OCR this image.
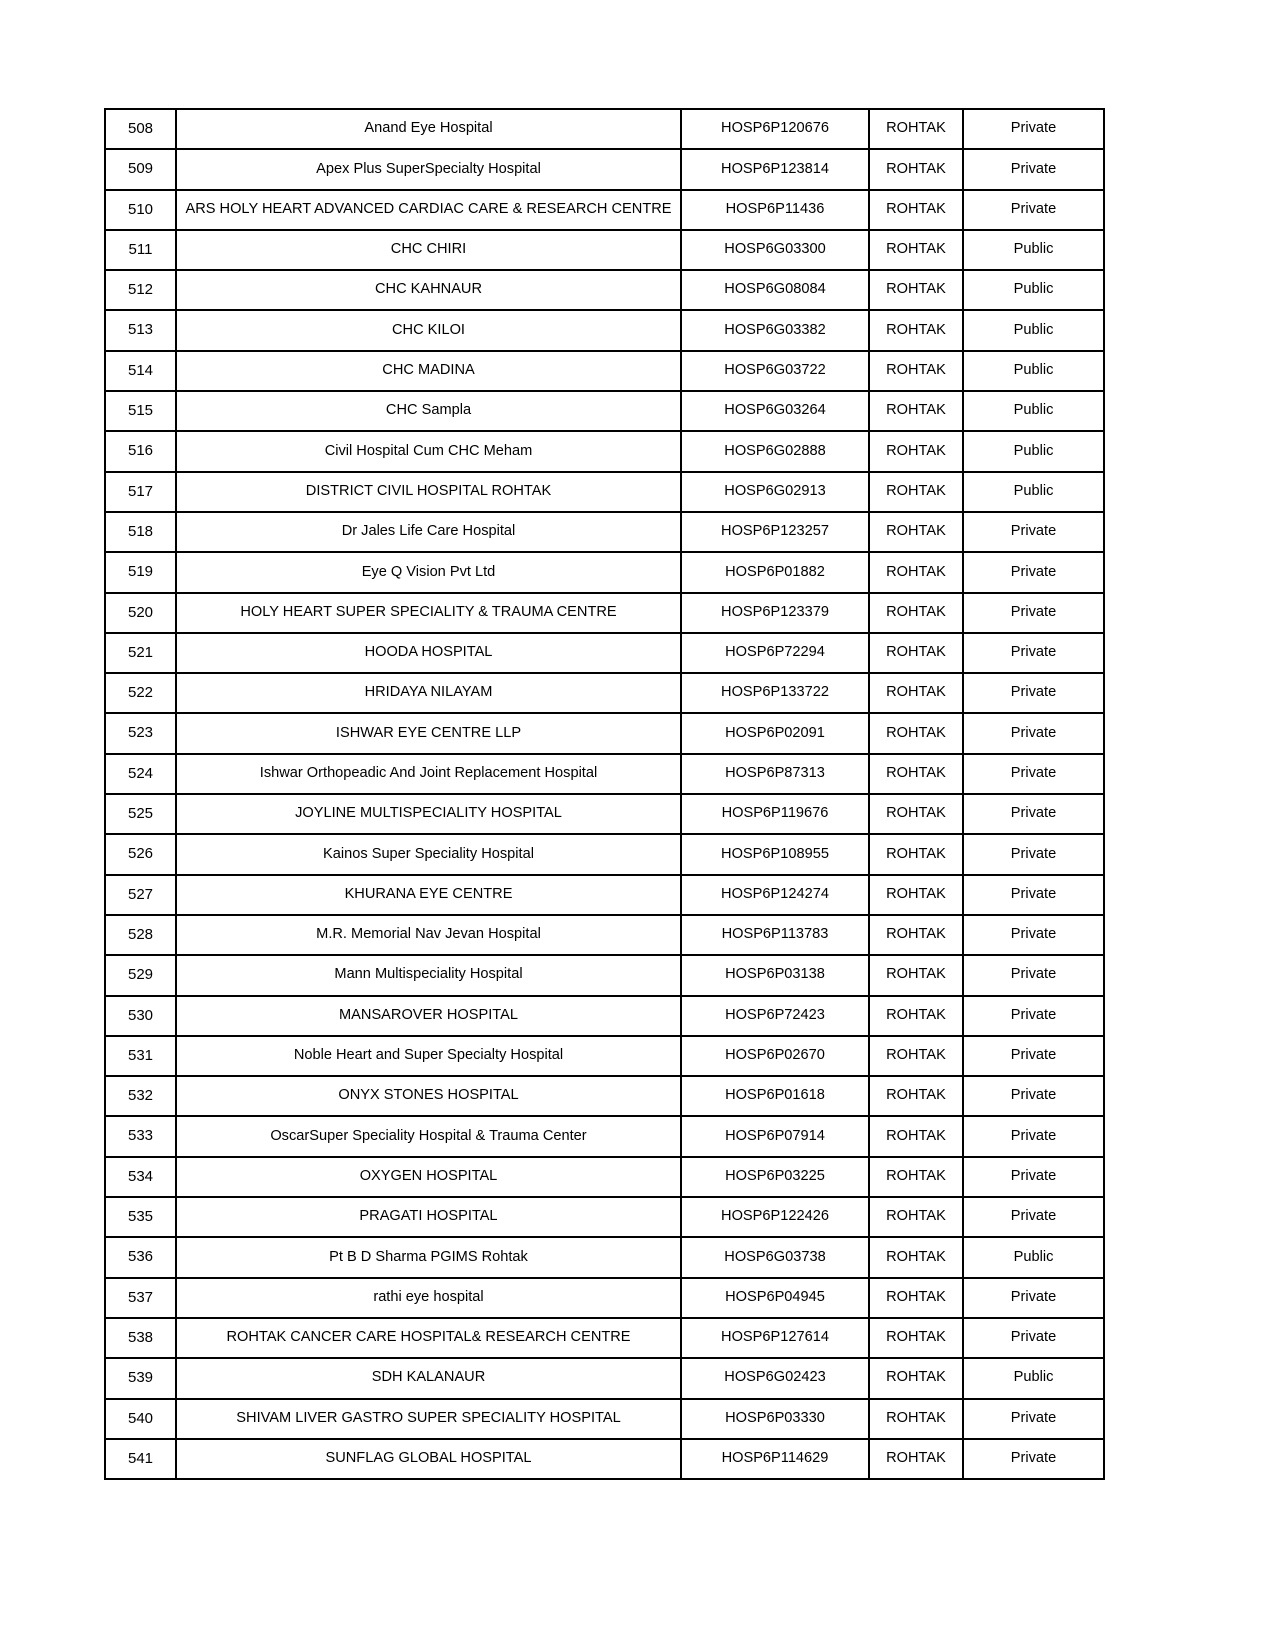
508	Anand Eye Hospital	HOSP6P120676	ROHTAK	Private
509	Apex Plus SuperSpecialty Hospital	HOSP6P123814	ROHTAK	Private
510	ARS HOLY HEART ADVANCED CARDIAC CARE & RESEARCH CENTRE	HOSP6P11436	ROHTAK	Private
511	CHC CHIRI	HOSP6G03300	ROHTAK	Public
512	CHC KAHNAUR	HOSP6G08084	ROHTAK	Public
513	CHC KILOI	HOSP6G03382	ROHTAK	Public
514	CHC MADINA	HOSP6G03722	ROHTAK	Public
515	CHC Sampla	HOSP6G03264	ROHTAK	Public
516	Civil Hospital Cum CHC Meham	HOSP6G02888	ROHTAK	Public
517	DISTRICT CIVIL HOSPITAL ROHTAK	HOSP6G02913	ROHTAK	Public
518	Dr Jales Life Care Hospital	HOSP6P123257	ROHTAK	Private
519	Eye Q Vision Pvt Ltd	HOSP6P01882	ROHTAK	Private
520	HOLY HEART SUPER SPECIALITY & TRAUMA CENTRE	HOSP6P123379	ROHTAK	Private
521	HOODA HOSPITAL	HOSP6P72294	ROHTAK	Private
522	HRIDAYA NILAYAM	HOSP6P133722	ROHTAK	Private
523	ISHWAR EYE CENTRE LLP	HOSP6P02091	ROHTAK	Private
524	Ishwar Orthopeadic And Joint Replacement Hospital	HOSP6P87313	ROHTAK	Private
525	JOYLINE MULTISPECIALITY HOSPITAL	HOSP6P119676	ROHTAK	Private
526	Kainos Super Speciality Hospital	HOSP6P108955	ROHTAK	Private
527	KHURANA EYE CENTRE	HOSP6P124274	ROHTAK	Private
528	M.R. Memorial Nav Jevan Hospital	HOSP6P113783	ROHTAK	Private
529	Mann Multispeciality Hospital	HOSP6P03138	ROHTAK	Private
530	MANSAROVER HOSPITAL	HOSP6P72423	ROHTAK	Private
531	Noble Heart and Super Specialty Hospital	HOSP6P02670	ROHTAK	Private
532	ONYX STONES HOSPITAL	HOSP6P01618	ROHTAK	Private
533	OscarSuper Speciality Hospital & Trauma Center	HOSP6P07914	ROHTAK	Private
534	OXYGEN HOSPITAL	HOSP6P03225	ROHTAK	Private
535	PRAGATI HOSPITAL	HOSP6P122426	ROHTAK	Private
536	Pt B D Sharma PGIMS Rohtak	HOSP6G03738	ROHTAK	Public
537	rathi eye hospital	HOSP6P04945	ROHTAK	Private
538	ROHTAK CANCER CARE HOSPITAL& RESEARCH CENTRE	HOSP6P127614	ROHTAK	Private
539	SDH KALANAUR	HOSP6G02423	ROHTAK	Public
540	SHIVAM LIVER GASTRO SUPER SPECIALITY HOSPITAL	HOSP6P03330	ROHTAK	Private
541	SUNFLAG GLOBAL HOSPITAL	HOSP6P114629	ROHTAK	Private
